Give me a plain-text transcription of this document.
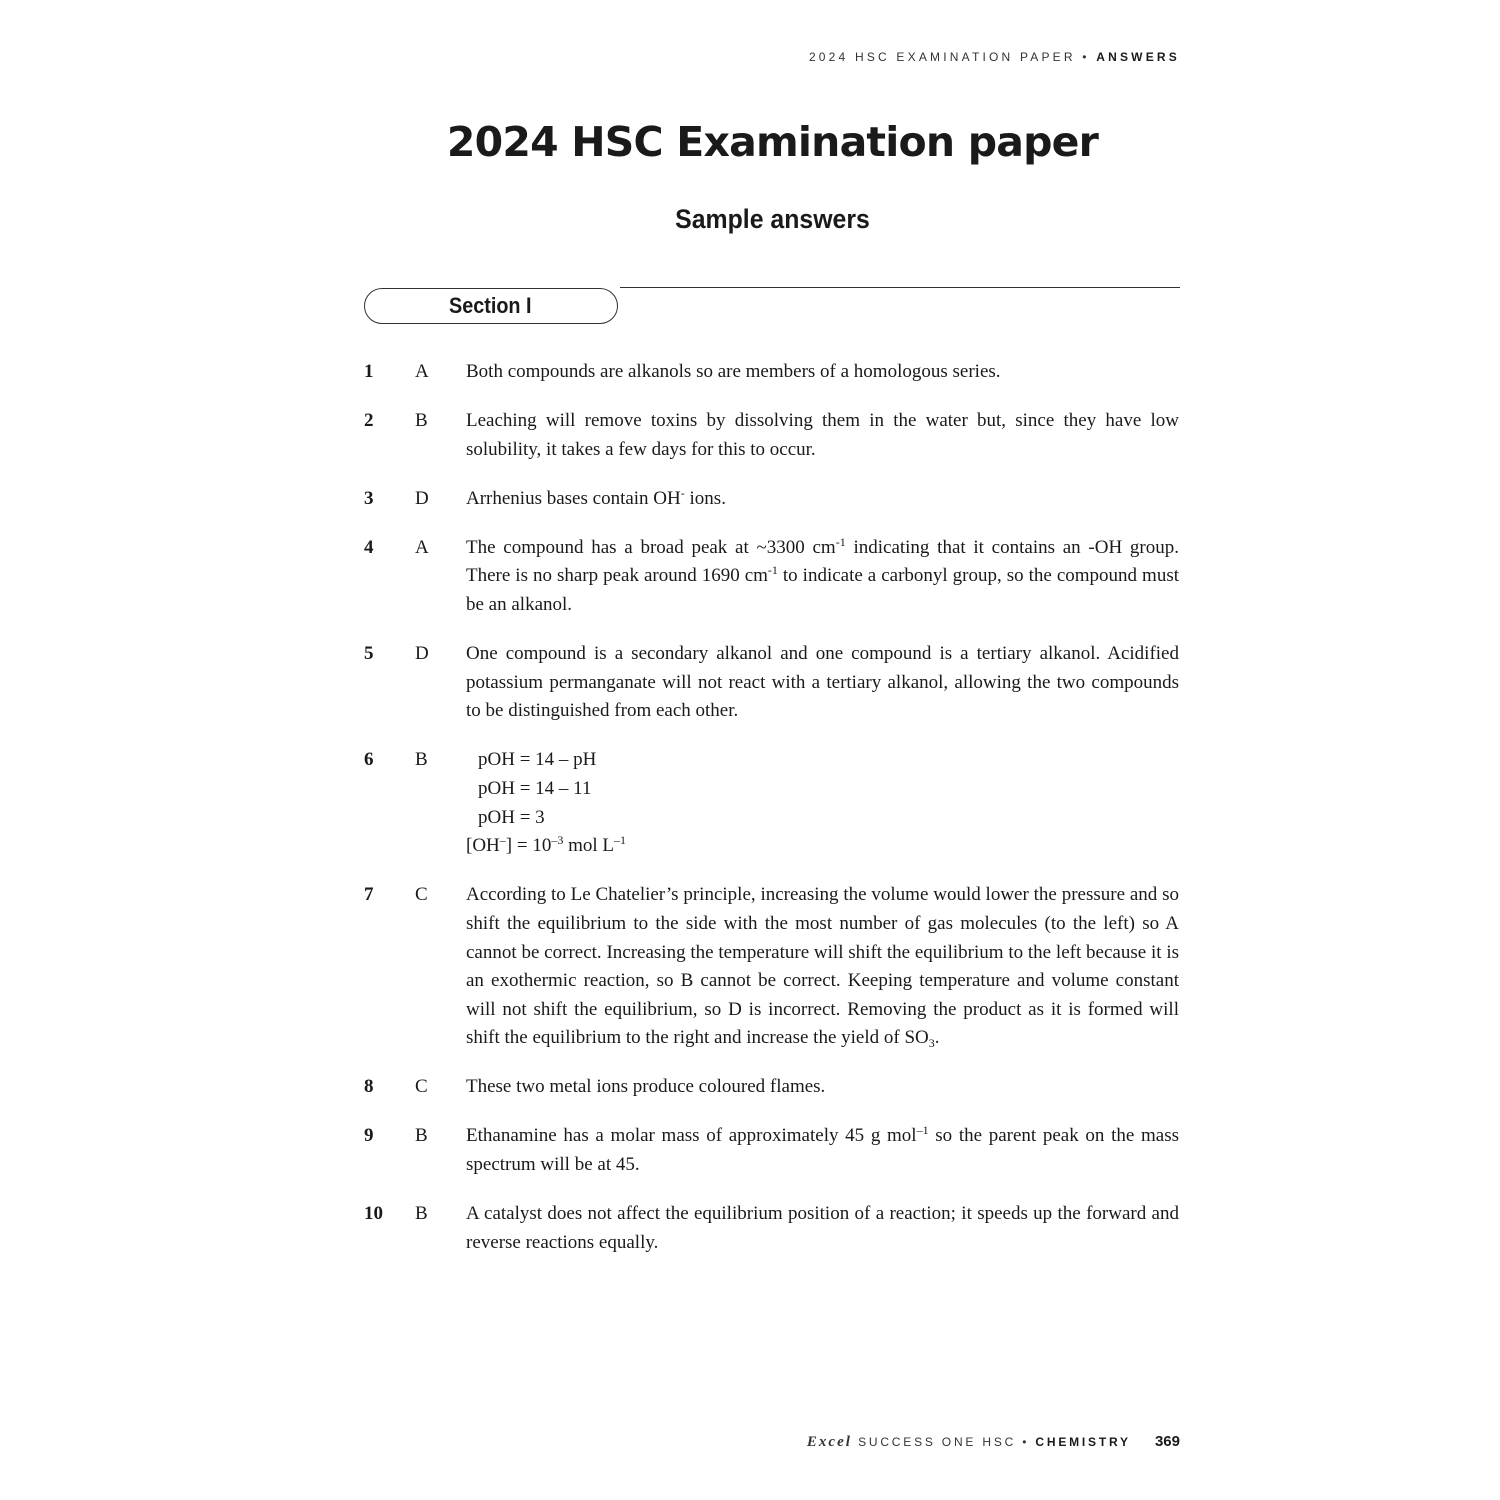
2024 HSC EXAMINATION PAPER • ANSWERS
2024 HSC Examination paper
Sample answers
Section I
1	A	Both compounds are alkanols so are members of a homologous series.
2	B	Leaching will remove toxins by dissolving them in the water but, since they have low solubility, it takes a few days for this to occur.
3	D	Arrhenius bases contain OH- ions.
4	A	The compound has a broad peak at ~3300 $cm^{-1}$ indicating that it contains an -OH group. There is no sharp peak around 1690 $cm^{-1}$ to indicate a carbonyl group, so the compound must be an alkanol.
5	D	One compound is a secondary alkanol and one compound is a tertiary alkanol. Acidified potassium permanganate will not react with a tertiary alkanol, allowing the two compounds to be distinguished from each other.
6	B	pOH = 14 – pH
pOH = 14 – 11
pOH = 3
$[OH^-] = 10^{-3}$ mol $L^{-1}$
7	C	According to Le Chatelier’s principle, increasing the volume would lower the pressure and so shift the equilibrium to the side with the most number of gas molecules (to the left) so A cannot be correct. Increasing the temperature will shift the equilibrium to the left because it is an exothermic reaction, so B cannot be correct. Keeping temperature and volume constant will not shift the equilibrium, so D is incorrect. Removing the product as it is formed will shift the equilibrium to the right and increase the yield of $SO_3$.
8	C	These two metal ions produce coloured flames.
9	B	Ethanamine has a molar mass of approximately 45 g mol$^{-1}$ so the parent peak on the mass spectrum will be at 45.
10	B	A catalyst does not affect the equilibrium position of a reaction; it speeds up the forward and reverse reactions equally.
Excel SUCCESS ONE HSC • CHEMISTRY 369
